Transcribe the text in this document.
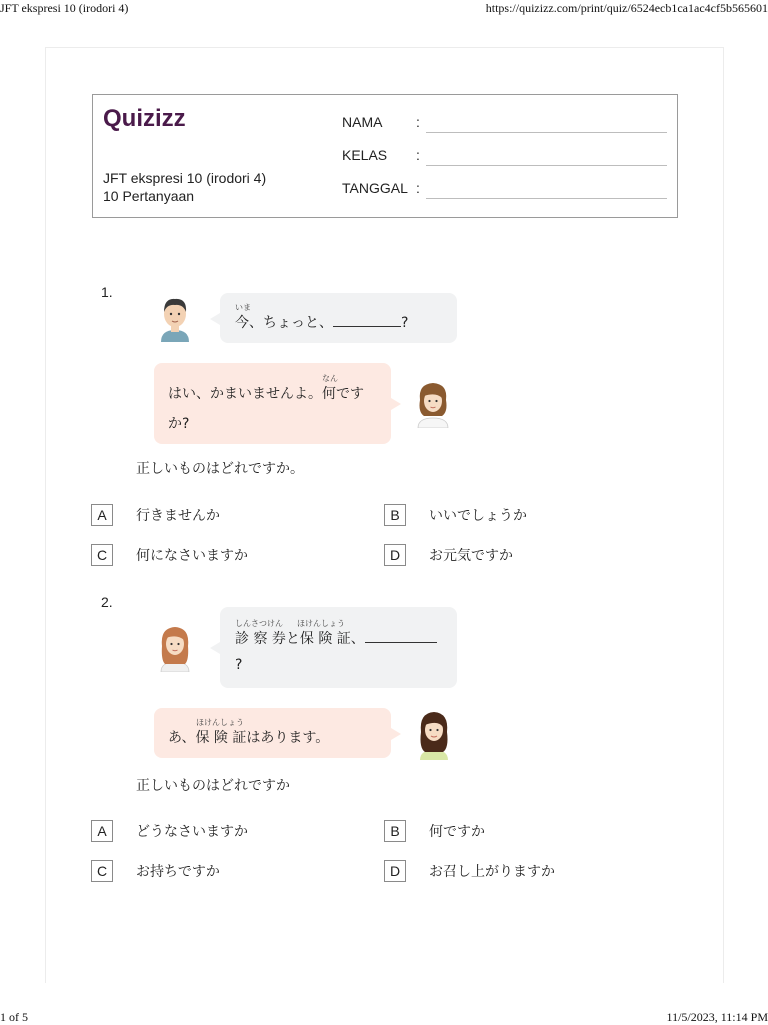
JFT ekspresi 10 (irodori 4)	https://quizizz.com/print/quiz/6524ecb1ca1ac4cf5b565601
1 of 5	11/5/2023, 11:14 PM
Quizizz
JFT ekspresi 10 (irodori 4)
10 Pertanyaan
NAMA :
KELAS :
TANGGAL :
1.
いま
今、ちょっと、	?
なん
はい、かまいませんよ。何です
か?
正しいものはどれですか。
A	行きませんか	B	いいでしょうか
C	何になさいますか	D	お元気ですか
2.
しんさつけん ほけんしょう
診 察 券と保 険 証、
?
ほけんしょう
あ、保 険 証はあります。
正しいものはどれですか
A	どうなさいますか	B	何ですか
C	お持ちですか	D	お召し上がりますか
